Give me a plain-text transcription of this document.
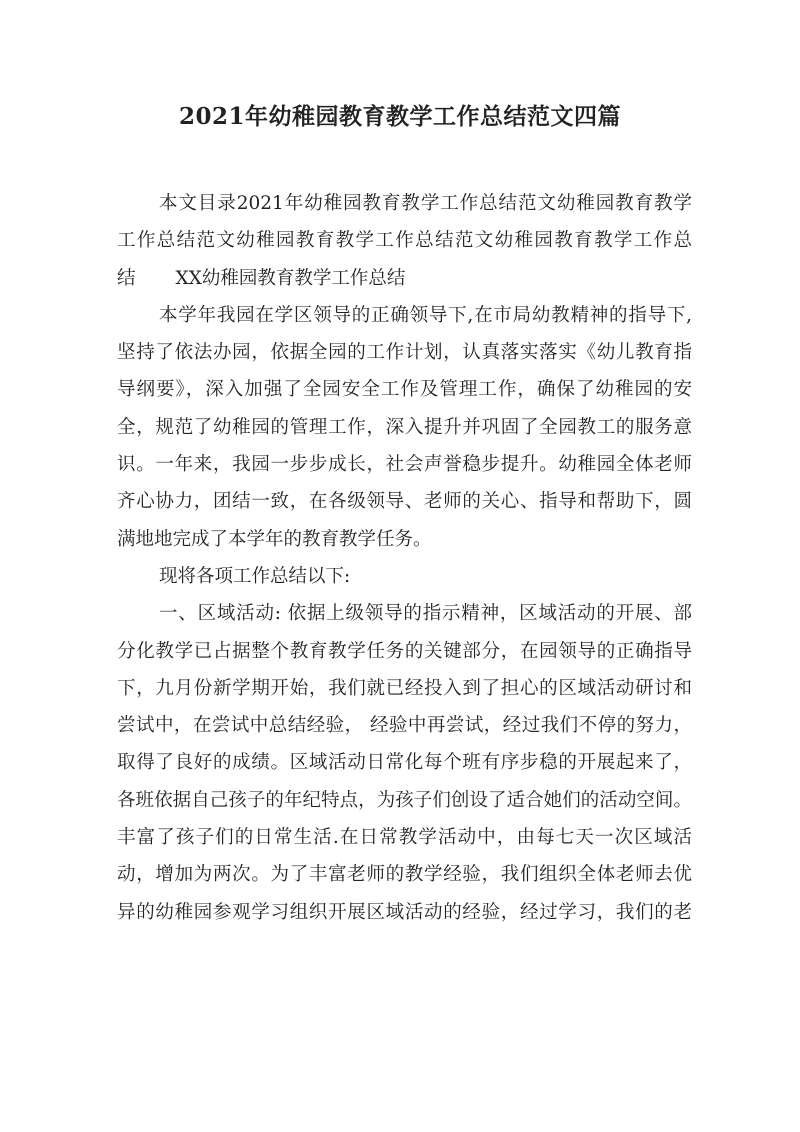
2021年幼稚园教育教学工作总结范文四篇

本文目录2021年幼稚园教育教学工作总结范文幼稚园教育教学
工作总结范文幼稚园教育教学工作总结范文幼稚园教育教学工作总
结 XX幼稚园教育教学工作总结

本学年我园在学区领导的正确领导下,在市局幼教精神的指导下,
坚持了依法办园，依据全园的工作计划，认真落实落实《幼儿教育指
导纲要》，深入加强了全园安全工作及管理工作，确保了幼稚园的安
全，规范了幼稚园的管理工作，深入提升并巩固了全园教工的服务意
识。一年来，我园一步步成长，社会声誉稳步提升。幼稚园全体老师
齐心协力，团结一致，在各级领导、老师的关心、指导和帮助下，圆
满地地完成了本学年的教育教学任务。

现将各项工作总结以下:

一、区域活动: 依据上级领导的指示精神，区域活动的开展、部
分化教学已占据整个教育教学任务的关键部分，在园领导的正确指导
下，九月份新学期开始，我们就已经投入到了担心的区域活动研讨和
尝试中，在尝试中总结经验， 经验中再尝试，经过我们不停的努力，
取得了良好的成绩。区域活动日常化每个班有序步稳的开展起来了，
各班依据自己孩子的年纪特点，为孩子们创设了适合她们的活动空间。
丰富了孩子们的日常生活.在日常教学活动中，由每七天一次区域活
动，增加为两次。为了丰富老师的教学经验，我们组织全体老师去优
异的幼稚园参观学习组织开展区域活动的经验，经过学习，我们的老
